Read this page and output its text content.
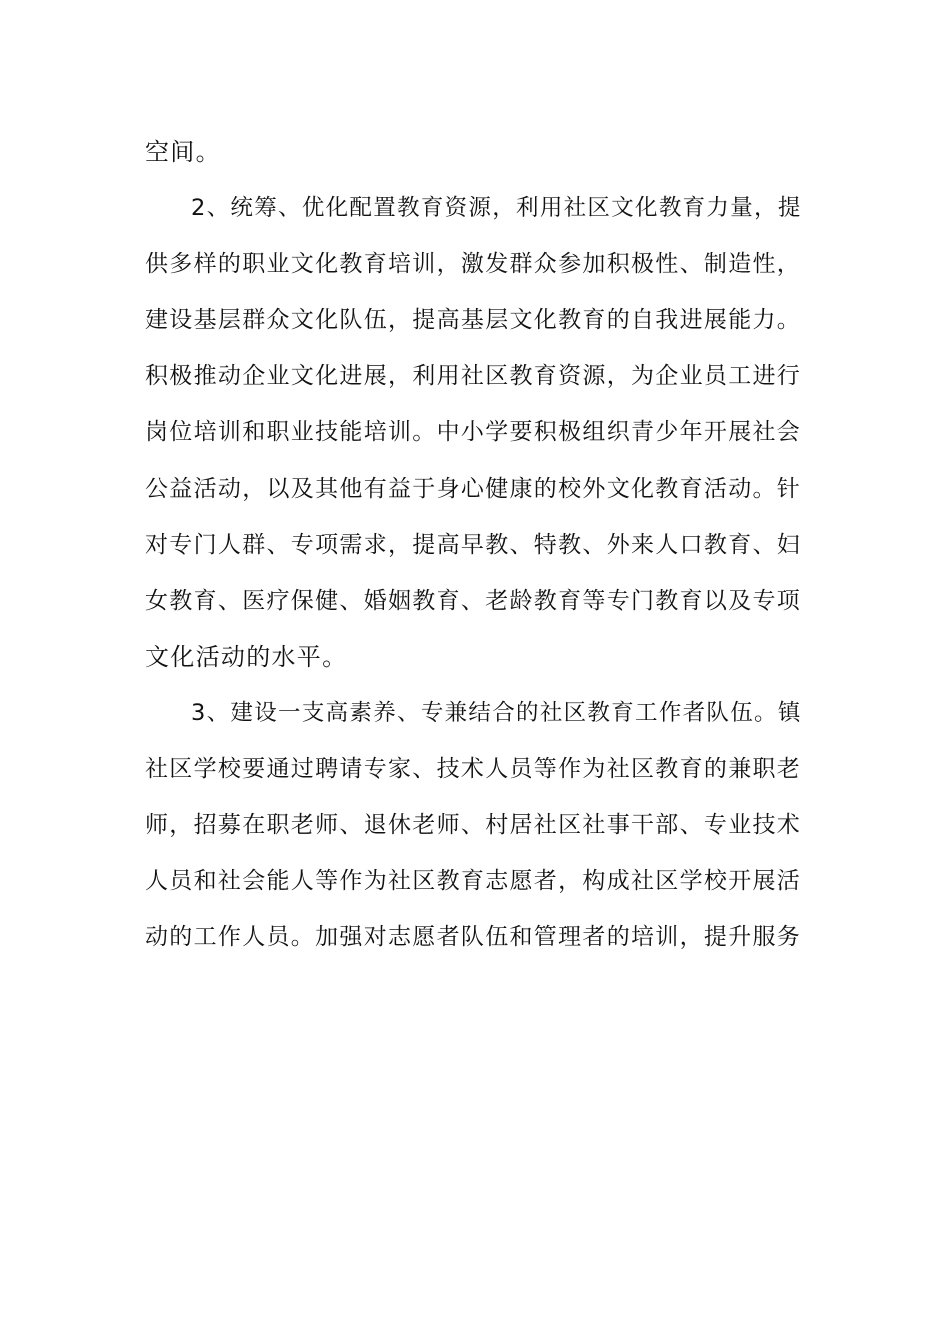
空间。
2、统筹、优化配置教育资源，利用社区文化教育力量，提
供多样的职业文化教育培训，激发群众参加积极性、制造性，
建设基层群众文化队伍，提高基层文化教育的自我进展能力。
积极推动企业文化进展，利用社区教育资源，为企业员工进行
岗位培训和职业技能培训。中小学要积极组织青少年开展社会
公益活动，以及其他有益于身心健康的校外文化教育活动。针
对专门人群、专项需求，提高早教、特教、外来人口教育、妇
女教育、医疗保健、婚姻教育、老龄教育等专门教育以及专项
文化活动的水平。
3、建设一支高素养、专兼结合的社区教育工作者队伍。镇
社区学校要通过聘请专家、技术人员等作为社区教育的兼职老
师，招募在职老师、退休老师、村居社区社事干部、专业技术
人员和社会能人等作为社区教育志愿者，构成社区学校开展活
动的工作人员。加强对志愿者队伍和管理者的培训，提升服务
